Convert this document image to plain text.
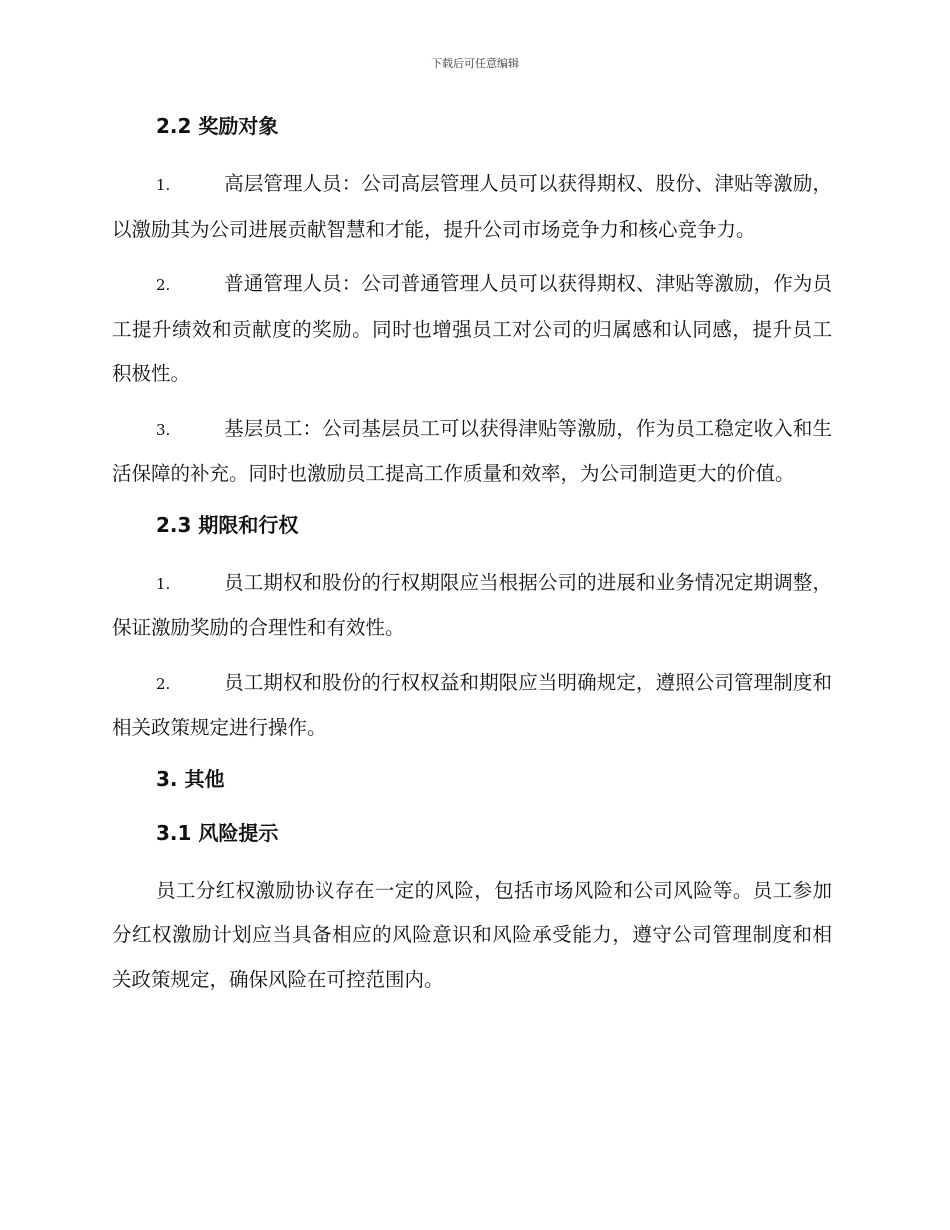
下载后可任意编辑
2.2 奖励对象

1.	高层管理人员：公司高层管理人员可以获得期权、股份、津贴等激励，以激励其为公司进展贡献智慧和才能，提升公司市场竞争力和核心竞争力。

2.	普通管理人员：公司普通管理人员可以获得期权、津贴等激励，作为员工提升绩效和贡献度的奖励。同时也增强员工对公司的归属感和认同感，提升员工积极性。

3.	基层员工：公司基层员工可以获得津贴等激励，作为员工稳定收入和生活保障的补充。同时也激励员工提高工作质量和效率，为公司制造更大的价值。

2.3 期限和行权

1.	员工期权和股份的行权期限应当根据公司的进展和业务情况定期调整，保证激励奖励的合理性和有效性。

2.	员工期权和股份的行权权益和期限应当明确规定，遵照公司管理制度和相关政策规定进行操作。

3. 其他
3.1 风险提示

员工分红权激励协议存在一定的风险，包括市场风险和公司风险等。员工参加分红权激励计划应当具备相应的风险意识和风险承受能力，遵守公司管理制度和相关政策规定，确保风险在可控范围内。
